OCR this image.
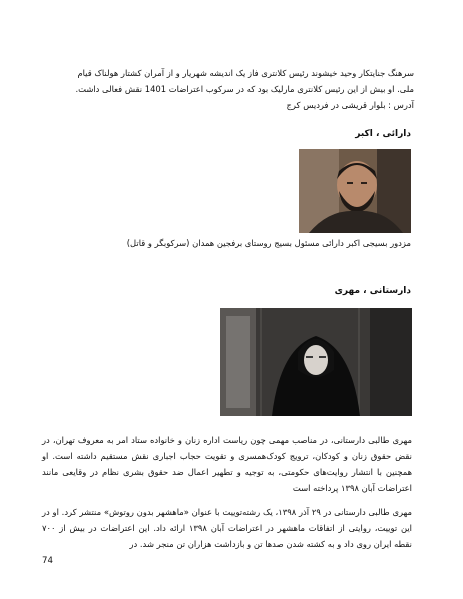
سرهنگ جنایتکار وحید خیشوند رئیس کلانتری فاز یک اندیشه شهریار و از آمران کشتار هولناک قیام

ملی. او بیش از این رئیس کلانتری مارلیک بود که در سرکوب اعتراضات 1401 نقش فعالی داشت.

آدرس : بلوار قریشی در فردیس کرج

دارائی ، اکبر
مزدور بسیجی اکبر دارائی مسئول بسیج روستای برفجین همدان (سرکوبگر و قاتل)
دارستانی ، مهری

مهری طالبی دارستانی، در مناصب مهمی چون ریاست اداره زنان و خانواده ستاد امر به معروف تهران، در نقض حقوق زنان و کودکان، ترویج کودک‌همسری و تقویت حجاب اجباری نقش مستقیم داشته است. او همچنین با انتشار روایت‌های حکومتی، به توجیه و تطهیر اعمال ضد حقوق بشری نظام در وقایعی مانند اعتراضات آبان ۱۳۹۸ پرداخته است

مهری طالبی دارستانی در ۲۹ آذر ۱۳۹۸، یک رشته‌توییت با عنوان «ماهشهر بدون روتوش» منتشر کرد. او در این توییت، روایتی از اتفاقات ماهشهر در اعتراضات آبان ۱۳۹۸ ارائه داد. این اعتراضات در بیش از ۷۰۰ نقطه ایران روی داد و به کشته شدن صدها تن و بازداشت هزاران تن منجر شد. در

74
